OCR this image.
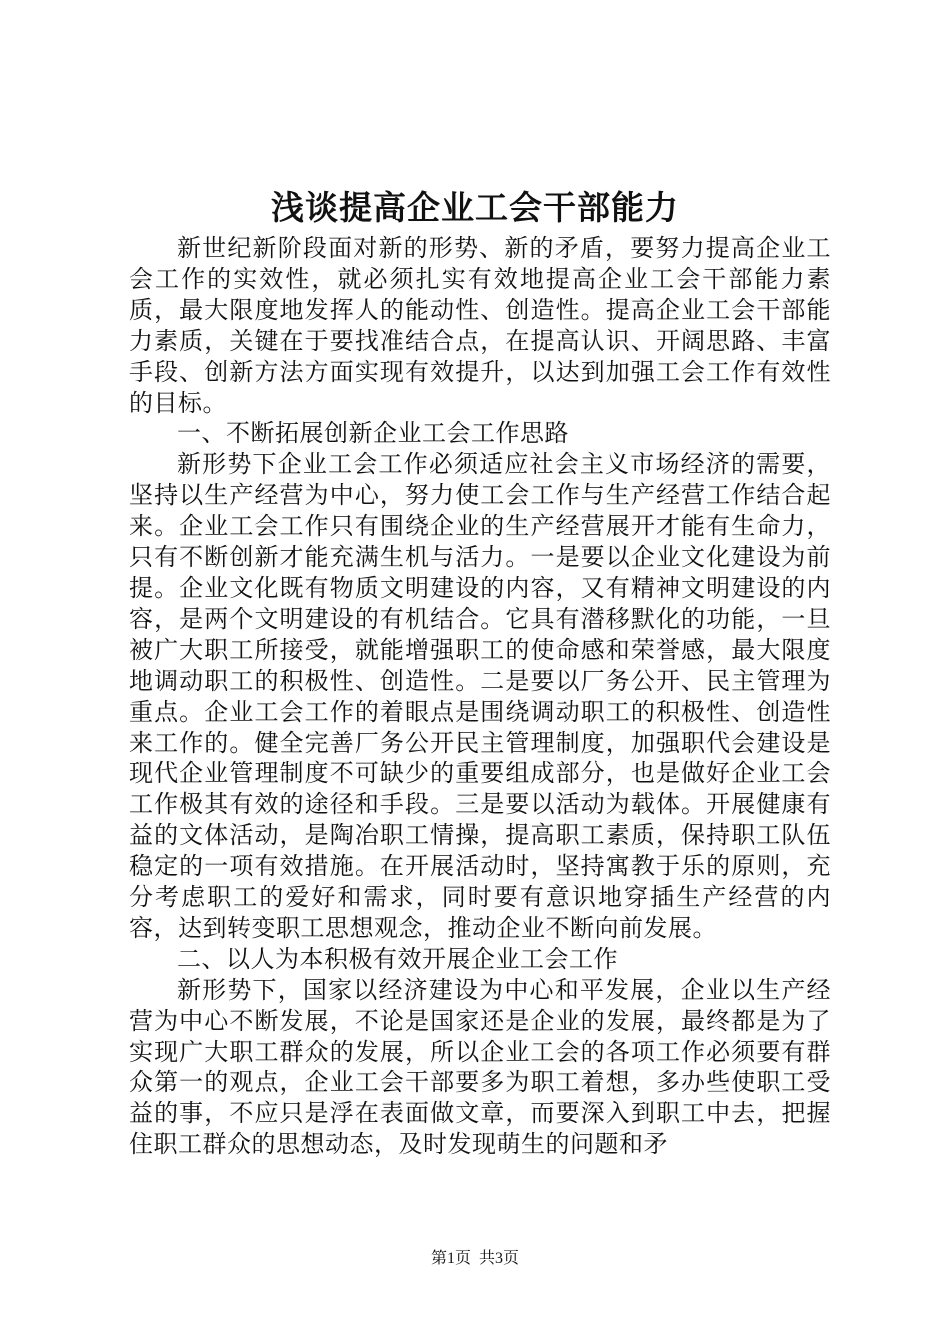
浅谈提高企业工会干部能力

新世纪新阶段面对新的形势、新的矛盾，要努力提高企业工会工作的实效性，就必须扎实有效地提高企业工会干部能力素质，最大限度地发挥人的能动性、创造性。提高企业工会干部能力素质，关键在于要找准结合点，在提高认识、开阔思路、丰富手段、创新方法方面实现有效提升，以达到加强工会工作有效性的目标。

一、不断拓展创新企业工会工作思路

新形势下企业工会工作必须适应社会主义市场经济的需要，坚持以生产经营为中心，努力使工会工作与生产经营工作结合起来。企业工会工作只有围绕企业的生产经营展开才能有生命力，只有不断创新才能充满生机与活力。一是要以企业文化建设为前提。企业文化既有物质文明建设的内容，又有精神文明建设的内容，是两个文明建设的有机结合。它具有潜移默化的功能，一旦被广大职工所接受，就能增强职工的使命感和荣誉感，最大限度地调动职工的积极性、创造性。二是要以厂务公开、民主管理为重点。企业工会工作的着眼点是围绕调动职工的积极性、创造性来工作的。健全完善厂务公开民主管理制度，加强职代会建设是现代企业管理制度不可缺少的重要组成部分，也是做好企业工会工作极其有效的途径和手段。三是要以活动为载体。开展健康有益的文体活动，是陶冶职工情操，提高职工素质，保持职工队伍稳定的一项有效措施。在开展活动时，坚持寓教于乐的原则，充分考虑职工的爱好和需求，同时要有意识地穿插生产经营的内容，达到转变职工思想观念，推动企业不断向前发展。

二、以人为本积极有效开展企业工会工作

新形势下，国家以经济建设为中心和平发展，企业以生产经营为中心不断发展，不论是国家还是企业的发展，最终都是为了实现广大职工群众的发展，所以企业工会的各项工作必须要有群众第一的观点，企业工会干部要多为职工着想，多办些使职工受益的事，不应只是浮在表面做文章，而要深入到职工中去，把握住职工群众的思想动态，及时发现萌生的问题和矛

第1页 共3页
